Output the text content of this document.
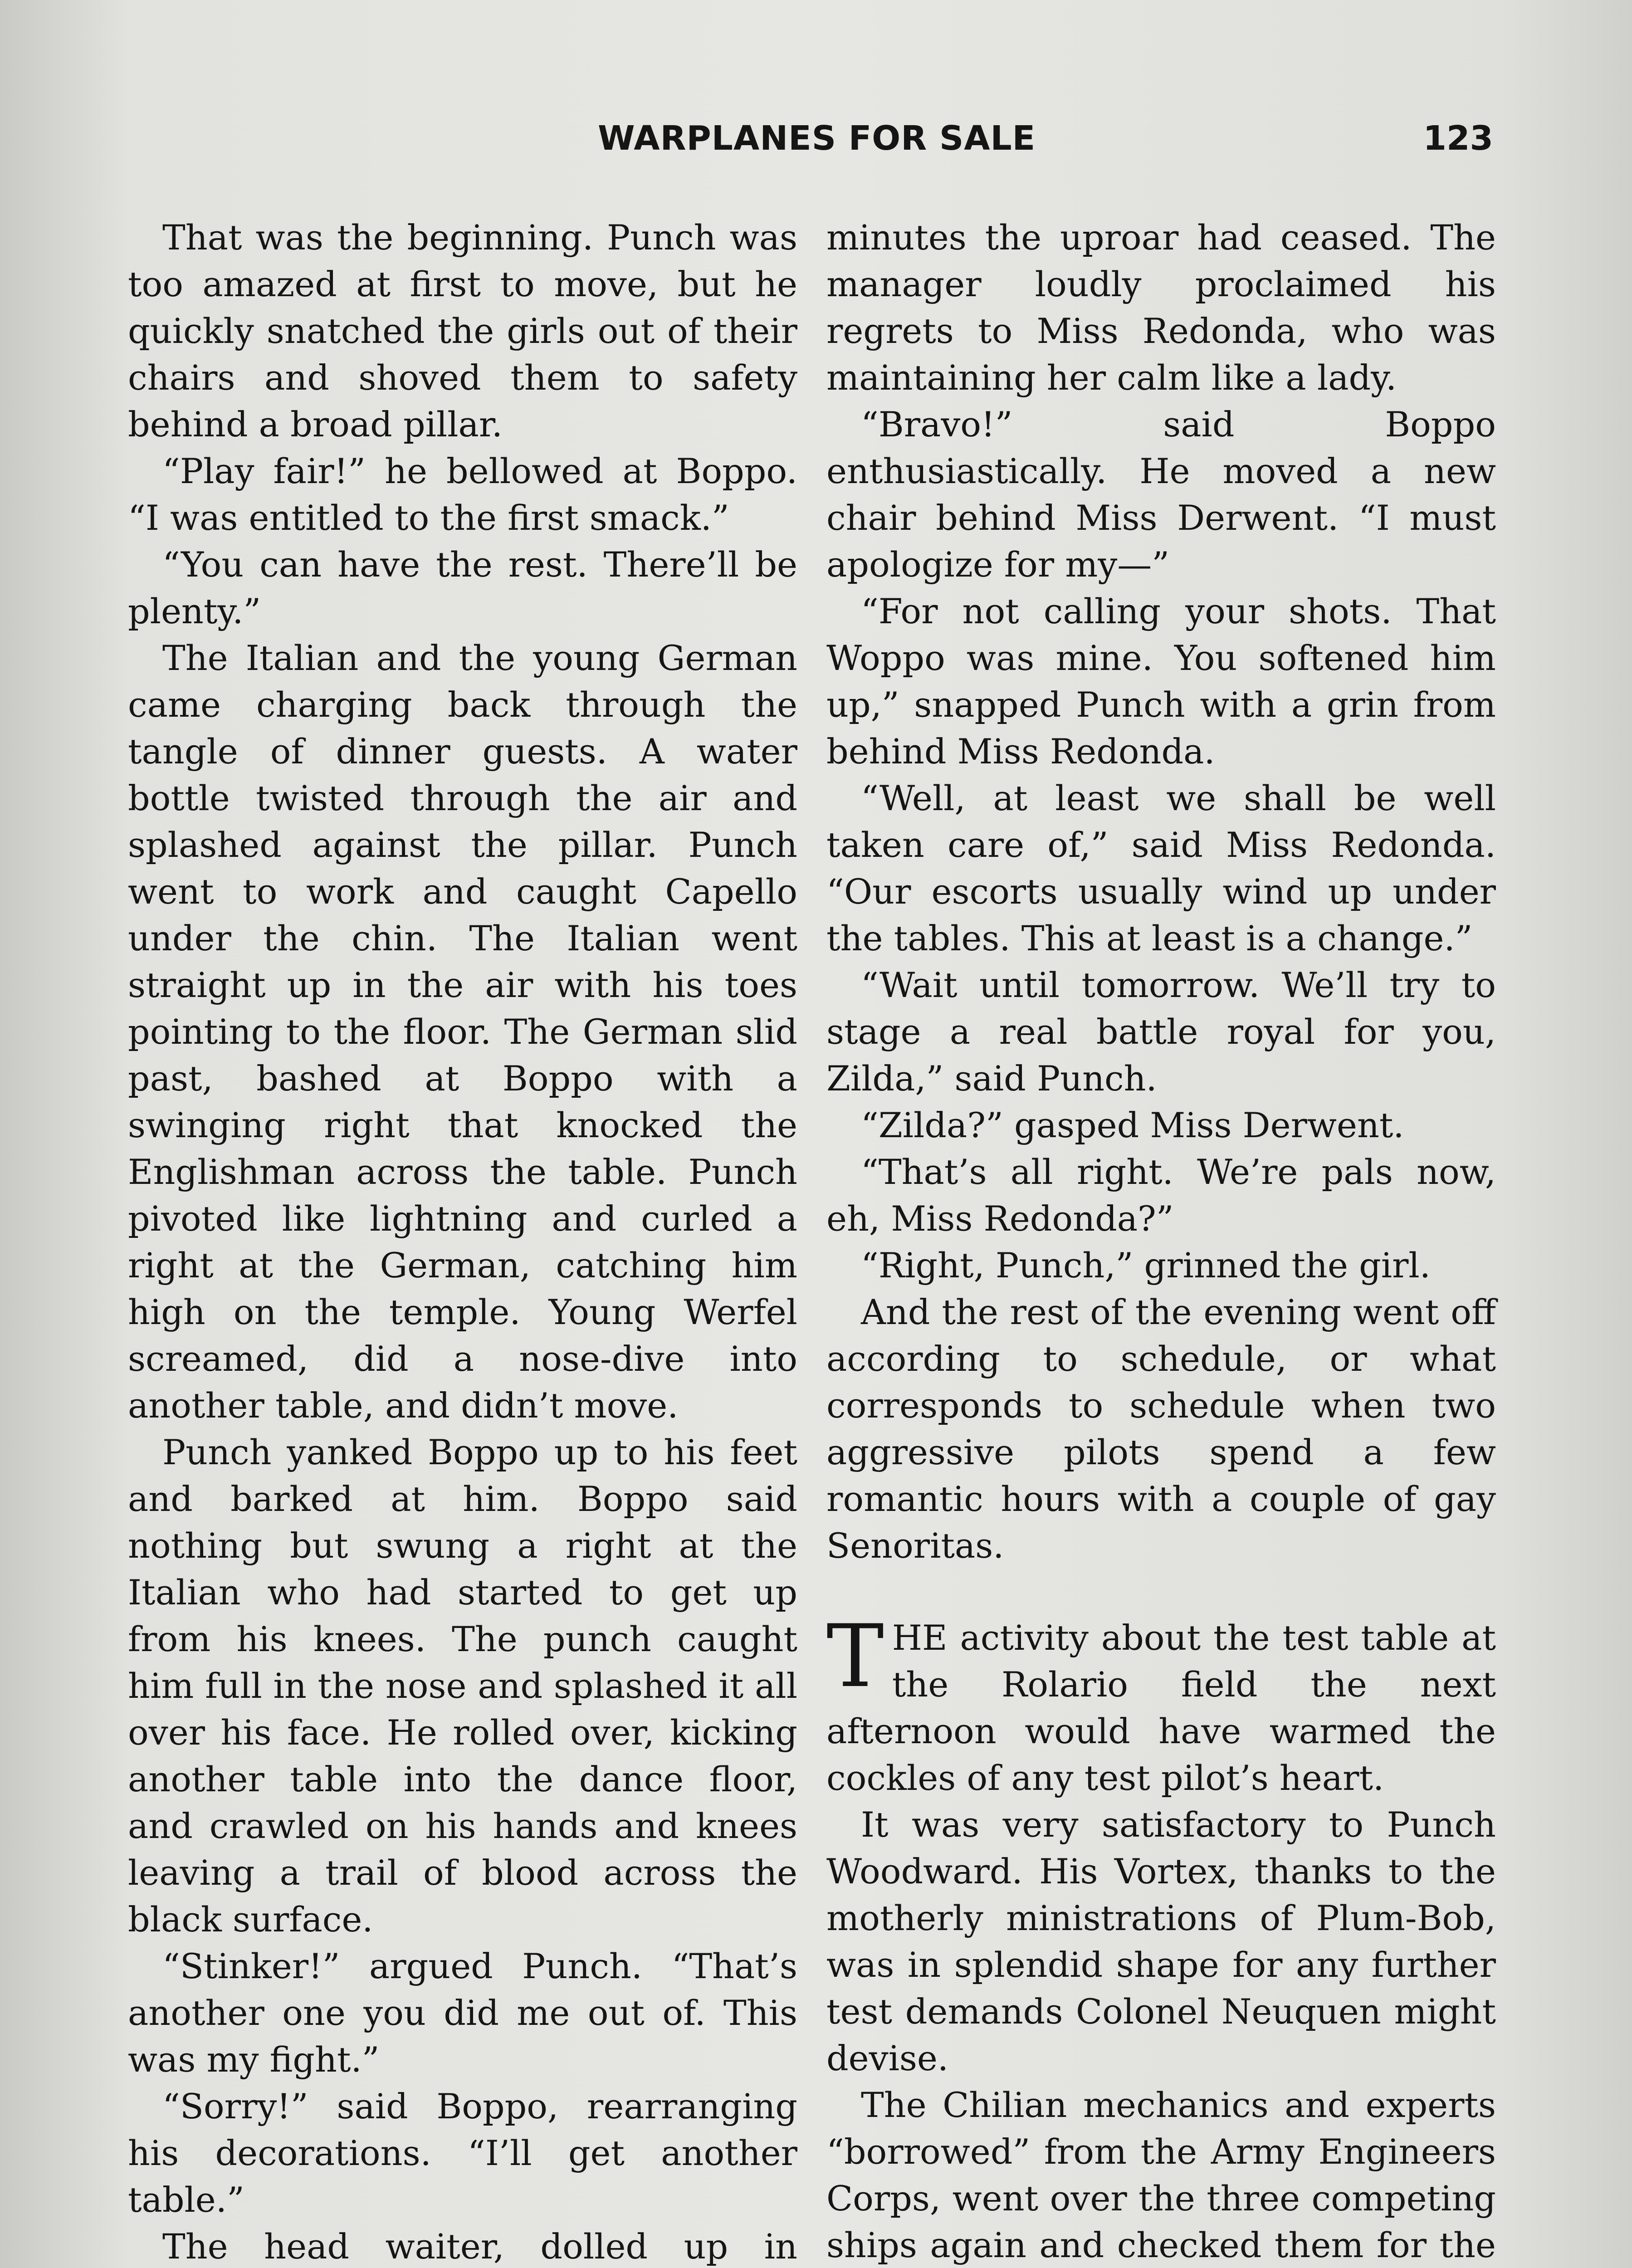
WARPLANES FOR SALE	123

That was the beginning. Punch was too amazed at first to move, but he quickly snatched the girls out of their chairs and shoved them to safety behind a broad pillar.

“Play fair!” he bellowed at Boppo. “I was entitled to the first smack.”

“You can have the rest. There’ll be plenty.”

The Italian and the young German came charging back through the tangle of dinner guests. A water bottle twisted through the air and splashed against the pillar. Punch went to work and caught Capello under the chin. The Italian went straight up in the air with his toes pointing to the floor. The German slid past, bashed at Boppo with a swinging right that knocked the Englishman across the table. Punch pivoted like lightning and curled a right at the German, catching him high on the temple. Young Werfel screamed, did a nose-dive into another table, and didn’t move.

Punch yanked Boppo up to his feet and barked at him. Boppo said nothing but swung a right at the Italian who had started to get up from his knees. The punch caught him full in the nose and splashed it all over his face. He rolled over, kicking another table into the dance floor, and crawled on his hands and knees leaving a trail of blood across the black surface.

“Stinker!” argued Punch. “That’s another one you did me out of. This was my fight.”

“Sorry!” said Boppo, rearranging his decorations. “I’ll get another table.”

The head waiter, dolled up in

minutes the uproar had ceased. The manager loudly proclaimed his regrets to Miss Redonda, who was maintaining her calm like a lady.

“Bravo!” said Boppo enthusiastically. He moved a new chair behind Miss Derwent. “I must apologize for my—”

“For not calling your shots. That Woppo was mine. You softened him up,” snapped Punch with a grin from behind Miss Redonda.

“Well, at least we shall be well taken care of,” said Miss Redonda. “Our escorts usually wind up under the tables. This at least is a change.”

“Wait until tomorrow. We’ll try to stage a real battle royal for you, Zilda,” said Punch.

“Zilda?” gasped Miss Derwent.

“That’s all right. We’re pals now, eh, Miss Redonda?”

“Right, Punch,” grinned the girl.

And the rest of the evening went off according to schedule, or what corresponds to schedule when two aggressive pilots spend a few romantic hours with a couple of gay Senoritas.

THE activity about the test table at the Rolario field the next afternoon would have warmed the cockles of any test pilot’s heart.

It was very satisfactory to Punch Woodward. His Vortex, thanks to the motherly ministrations of Plum-Bob, was in splendid shape for any further test demands Colonel Neuquen might devise.

The Chilian mechanics and experts “borrowed” from the Army Engineers Corps, went over the three competing ships again and checked them for the
